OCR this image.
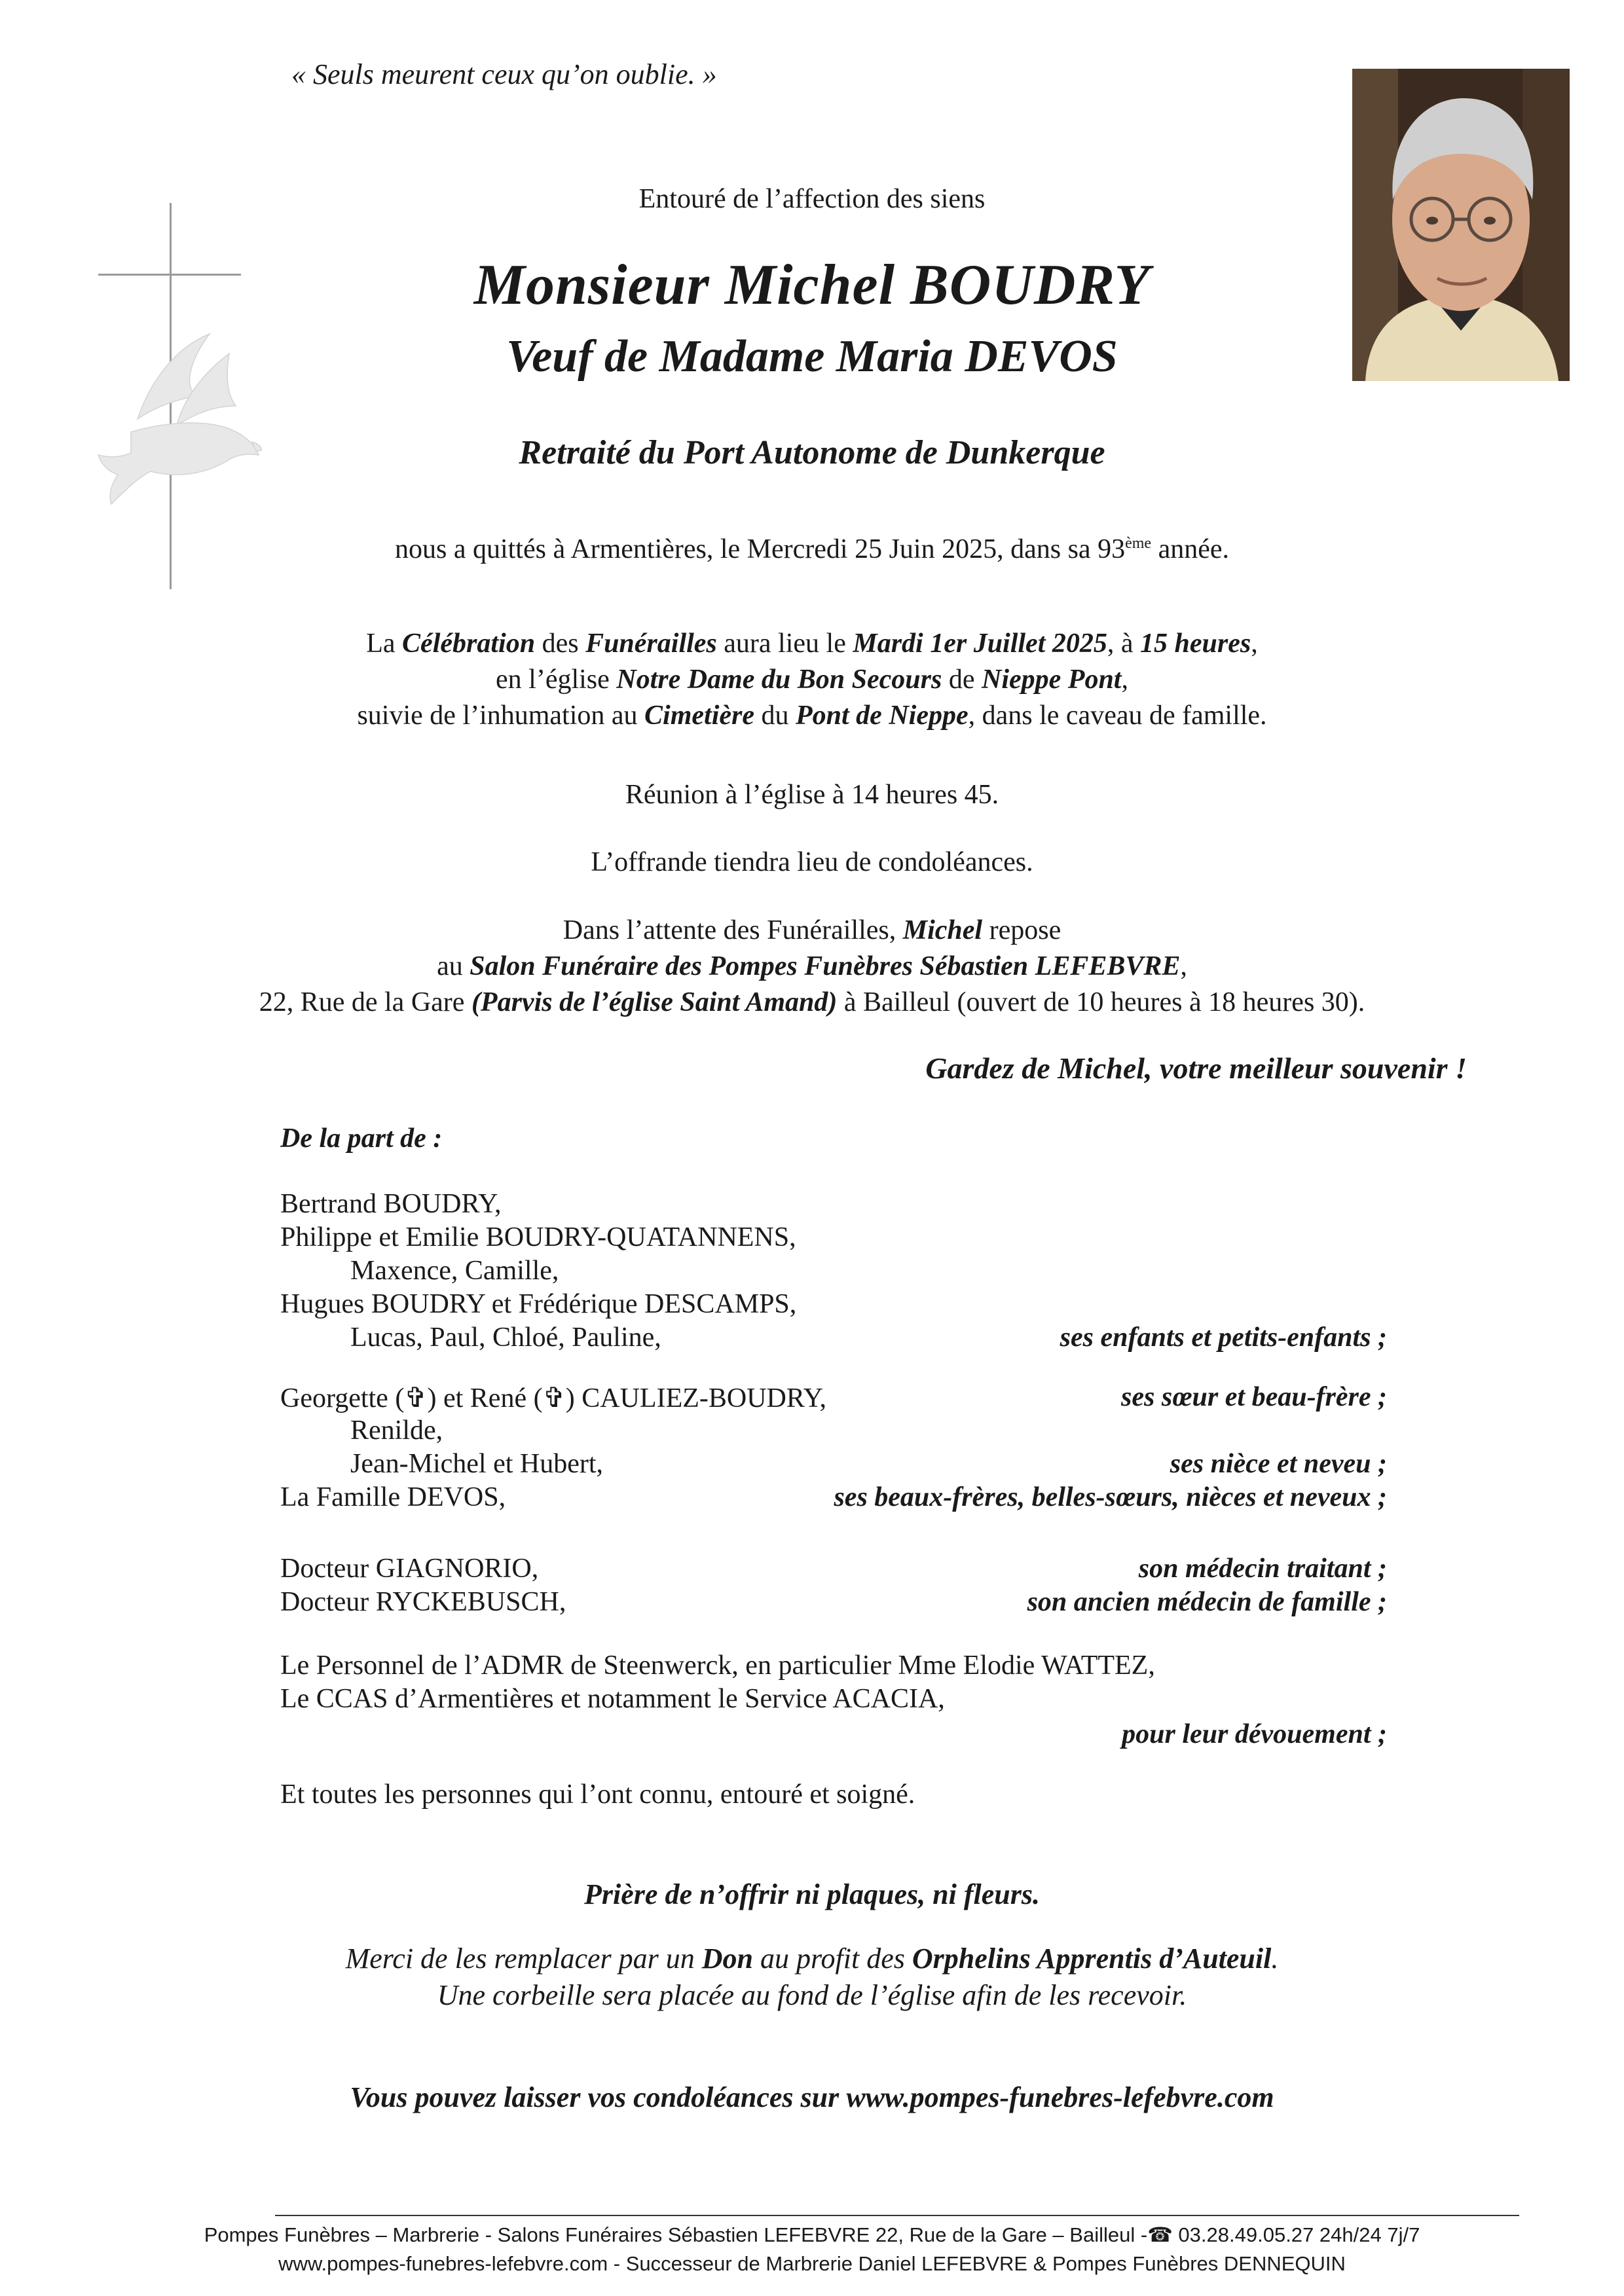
« Seuls meurent ceux qu’on oublie. »
Entouré de l’affection des siens
Monsieur Michel BOUDRY
Veuf de Madame Maria DEVOS
Retraité du Port Autonome de Dunkerque
nous a quittés à Armentières, le Mercredi 25 Juin 2025, dans sa 93ème année.
La Célébration des Funérailles aura lieu le Mardi 1er Juillet 2025, à 15 heures,
en l’église Notre Dame du Bon Secours de Nieppe Pont,
suivie de l’inhumation au Cimetière du Pont de Nieppe, dans le caveau de famille.
Réunion à l’église à 14 heures 45.
L’offrande tiendra lieu de condoléances.
Dans l’attente des Funérailles, Michel repose
au Salon Funéraire des Pompes Funèbres Sébastien LEFEBVRE,
22, Rue de la Gare (Parvis de l’église Saint Amand) à Bailleul (ouvert de 10 heures à 18 heures 30).
Gardez de Michel, votre meilleur souvenir !
De la part de :
Bertrand BOUDRY,
Philippe et Emilie BOUDRY-QUATANNENS,
Maxence, Camille,
Hugues BOUDRY et Frédérique DESCAMPS,
Lucas, Paul, Chloé, Pauline,	ses enfants et petits-enfants ;
Georgette (✞) et René (✞) CAULIEZ-BOUDRY,	ses sœur et beau-frère ;
Renilde,
Jean-Michel et Hubert,	ses nièce et neveu ;
La Famille DEVOS,	ses beaux-frères, belles-sœurs, nièces et neveux ;
Docteur GIAGNORIO,	son médecin traitant ;
Docteur RYCKEBUSCH,	son ancien médecin de famille ;
Le Personnel de l’ADMR de Steenwerck, en particulier Mme Elodie WATTEZ,
Le CCAS d’Armentières et notamment le Service ACACIA,
pour leur dévouement ;
Et toutes les personnes qui l’ont connu, entouré et soigné.
Prière de n’offrir ni plaques, ni fleurs.
Merci de les remplacer par un Don au profit des Orphelins Apprentis d’Auteuil.
Une corbeille sera placée au fond de l’église afin de les recevoir.
Vous pouvez laisser vos condoléances sur www.pompes-funebres-lefebvre.com
Pompes Funèbres – Marbrerie - Salons Funéraires Sébastien LEFEBVRE 22, Rue de la Gare – Bailleul -☎ 03.28.49.05.27 24h/24 7j/7
www.pompes-funebres-lefebvre.com - Successeur de Marbrerie Daniel LEFEBVRE & Pompes Funèbres DENNEQUIN
